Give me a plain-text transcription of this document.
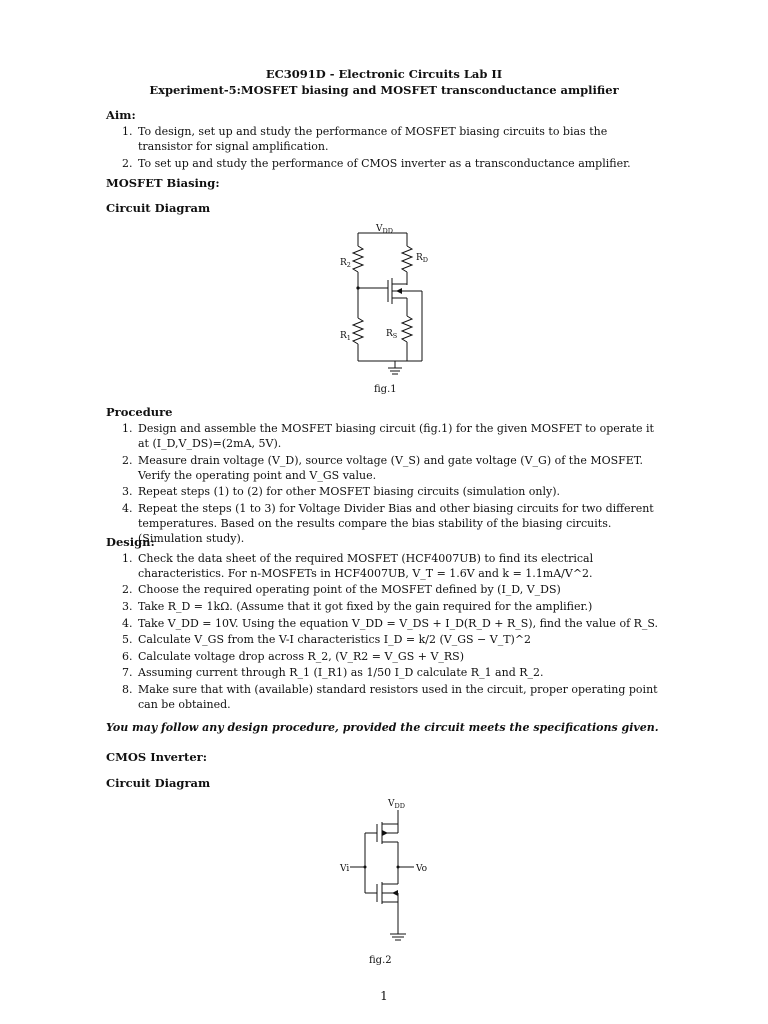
EC3091D - Electronic Circuits Lab II
Experiment-5:MOSFET biasing and MOSFET transconductance amplifier
Aim:
1. To design, set up and study the performance of MOSFET biasing circuits to bias the transistor for signal amplification.
2. To set up and study the performance of CMOS inverter as a transconductance amplifier.
MOSFET Biasing:
Circuit Diagram
$V_{DD}$
$R_2$
$R_D$
$R_1$	$R_S$
fig.1
Procedure
1. Design and assemble the MOSFET biasing circuit (fig.1) for the given MOSFET to operate it at (I_D,V_DS)=(2mA, 5V).
2. Measure drain voltage (V_D), source voltage (V_S) and gate voltage (V_G) of the MOSFET. Verify the operating point and V_GS value.
3. Repeat steps (1) to (2) for other MOSFET biasing circuits (simulation only).
4. Repeat the steps (1 to 3) for Voltage Divider Bias and other biasing circuits for two different temperatures. Based on the results compare the bias stability of the biasing circuits. (Simulation study).
Design:
1. Check the data sheet of the required MOSFET (HCF4007UB) to find its electrical characteristics. For n-MOSFETs in HCF4007UB, V_T = 1.6V and k = 1.1mA/V^2.
2. Choose the required operating point of the MOSFET defined by (I_D, V_DS)
3. Take R_D = 1kΩ. (Assume that it got fixed by the gain required for the amplifier.)
4. Take V_DD = 10V. Using the equation V_DD = V_DS + I_D(R_D + R_S), find the value of R_S.
5. Calculate V_GS from the V-I characteristics I_D = k/2 (V_GS − V_T)^2
6. Calculate voltage drop across R_2, (V_R2 = V_GS + V_RS)
7. Assuming current through R_1 (I_R1) as 1/50 I_D calculate R_1 and R_2.
8. Make sure that with (available) standard resistors used in the circuit, proper operating point can be obtained.
You may follow any design procedure, provided the circuit meets the specifications given.
CMOS Inverter:
Circuit Diagram
$V_{DD}$
Vi	Vo
fig.2
1
